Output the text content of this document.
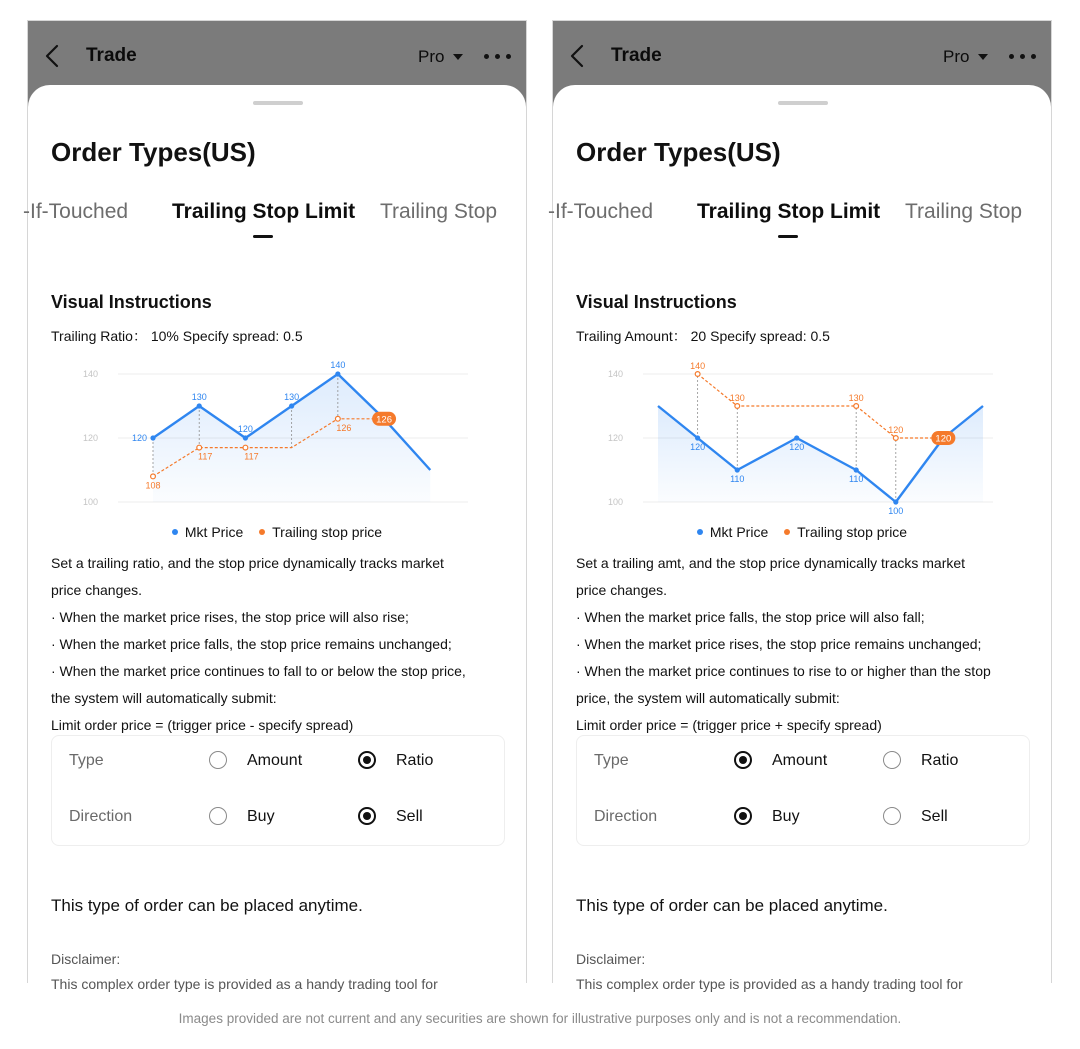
Trade	Pro
Order Types(US)
-If-Touched Trailing Stop Limit Trailing Stop
Visual Instructions
Trailing Ratio： 10% Specify spread: 0.5
100
120
140
120
130
120
130
140
108
117	117
126
126
Mkt Price Trailing stop price
Set a trailing ratio, and the stop price dynamically tracks market
price changes.
· When the market price rises, the stop price will also rise;
· When the market price falls, the stop price remains unchanged;
· When the market price continues to fall to or below the stop price,
the system will automatically submit:
Limit order price = (trigger price - specify spread)
Type	Amount	Ratio
Direction	Buy	Sell
This type of order can be placed anytime.
Disclaimer:
This complex order type is provided as a handy trading tool for
Trade	Pro
Order Types(US)
-If-Touched Trailing Stop Limit Trailing Stop
Visual Instructions
Trailing Amount： 20 Specify spread: 0.5
100
120
140
120
110
120
110
100
140
130	130
120
120
Mkt Price Trailing stop price
Set a trailing amt, and the stop price dynamically tracks market
price changes.
· When the market price falls, the stop price will also fall;
· When the market price rises, the stop price remains unchanged;
· When the market price continues to rise to or higher than the stop
price, the system will automatically submit:
Limit order price = (trigger price + specify spread)
Type	Amount	Ratio
Direction	Buy	Sell
This type of order can be placed anytime.
Disclaimer:
This complex order type is provided as a handy trading tool for
Images provided are not current and any securities are shown for illustrative purposes only and is not a recommendation.
